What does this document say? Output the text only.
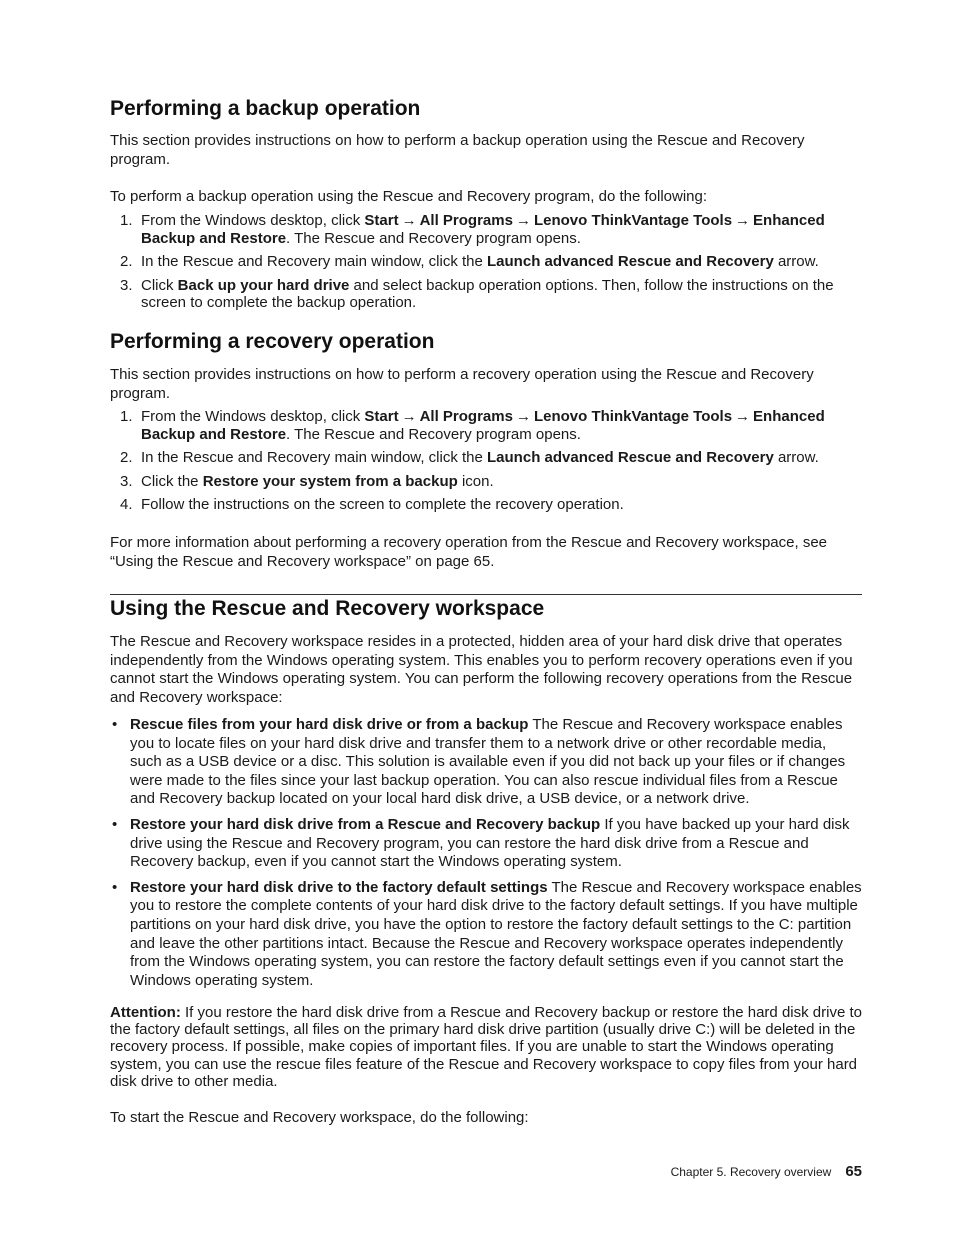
Performing a backup operation

This section provides instructions on how to perform a backup operation using the Rescue and Recovery program.

To perform a backup operation using the Rescue and Recovery program, do the following:

1. From the Windows desktop, click Start → All Programs → Lenovo ThinkVantage Tools → Enhanced Backup and Restore. The Rescue and Recovery program opens.
2. In the Rescue and Recovery main window, click the Launch advanced Rescue and Recovery arrow.
3. Click Back up your hard drive and select backup operation options. Then, follow the instructions on the screen to complete the backup operation.
Performing a recovery operation

This section provides instructions on how to perform a recovery operation using the Rescue and Recovery program.

1. From the Windows desktop, click Start → All Programs → Lenovo ThinkVantage Tools → Enhanced Backup and Restore. The Rescue and Recovery program opens.
2. In the Rescue and Recovery main window, click the Launch advanced Rescue and Recovery arrow.
3. Click the Restore your system from a backup icon.
4. Follow the instructions on the screen to complete the recovery operation.

For more information about performing a recovery operation from the Rescue and Recovery workspace, see “Using the Rescue and Recovery workspace” on page 65.

Using the Rescue and Recovery workspace

The Rescue and Recovery workspace resides in a protected, hidden area of your hard disk drive that operates independently from the Windows operating system. This enables you to perform recovery operations even if you cannot start the Windows operating system. You can perform the following recovery operations from the Rescue and Recovery workspace:

• Rescue files from your hard disk drive or from a backup The Rescue and Recovery workspace enables you to locate files on your hard disk drive and transfer them to a network drive or other recordable media, such as a USB device or a disc. This solution is available even if you did not back up your files or if changes were made to the files since your last backup operation. You can also rescue individual files from a Rescue and Recovery backup located on your local hard disk drive, a USB device, or a network drive.
• Restore your hard disk drive from a Rescue and Recovery backup If you have backed up your hard disk drive using the Rescue and Recovery program, you can restore the hard disk drive from a Rescue and Recovery backup, even if you cannot start the Windows operating system.
• Restore your hard disk drive to the factory default settings The Rescue and Recovery workspace enables you to restore the complete contents of your hard disk drive to the factory default settings. If you have multiple partitions on your hard disk drive, you have the option to restore the factory default settings to the C: partition and leave the other partitions intact. Because the Rescue and Recovery workspace operates independently from the Windows operating system, you can restore the factory default settings even if you cannot start the Windows operating system.

Attention: If you restore the hard disk drive from a Rescue and Recovery backup or restore the hard disk drive to the factory default settings, all files on the primary hard disk drive partition (usually drive C:) will be deleted in the recovery process. If possible, make copies of important files. If you are unable to start the Windows operating system, you can use the rescue files feature of the Rescue and Recovery workspace to copy files from your hard disk drive to other media.

To start the Rescue and Recovery workspace, do the following:

Chapter 5. Recovery overview 65
